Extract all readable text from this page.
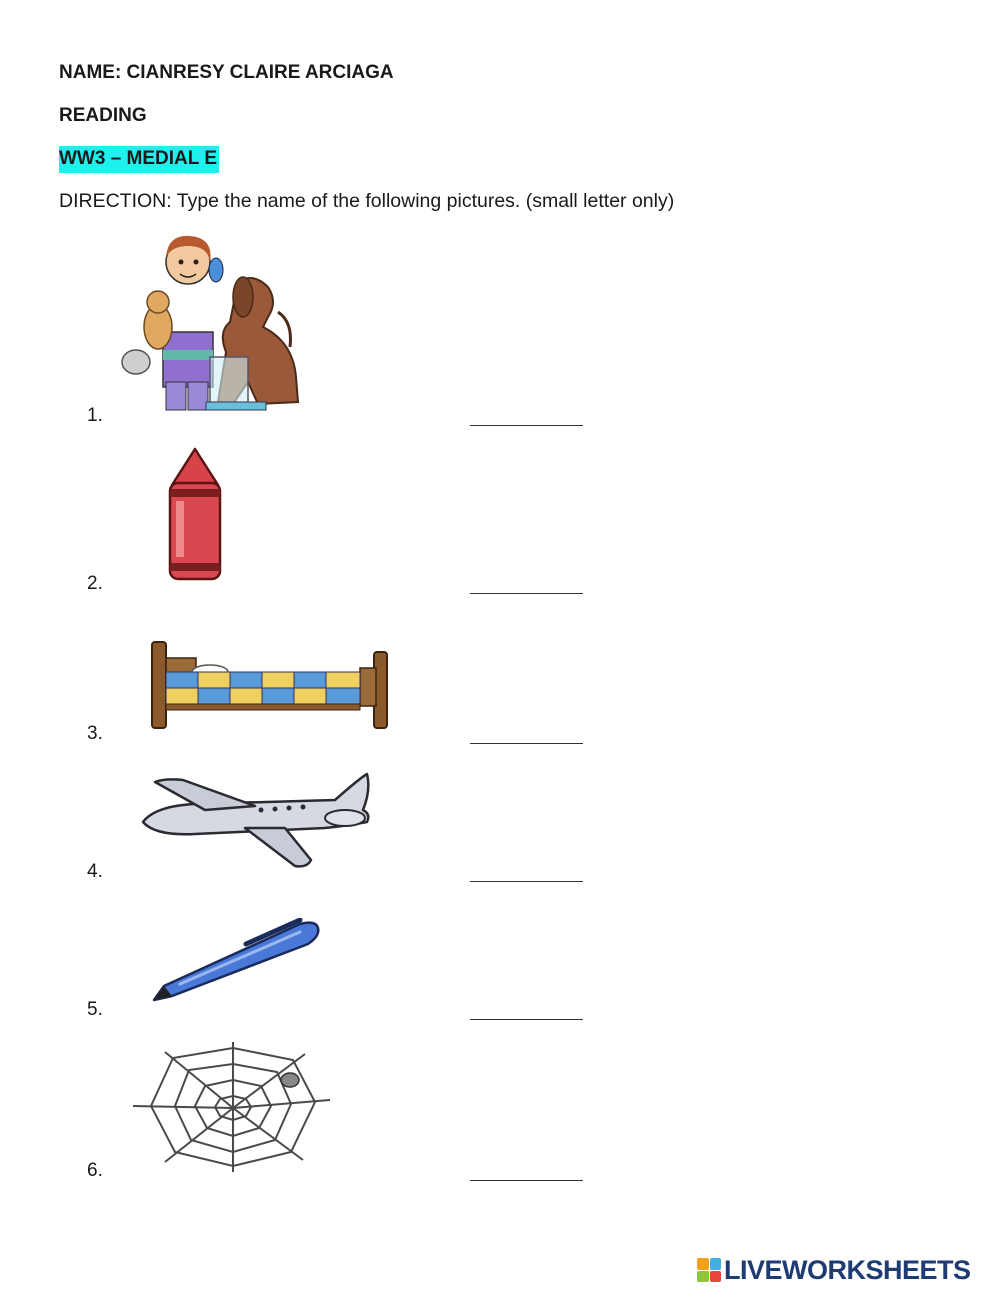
NAME: CIANRESY CLAIRE ARCIAGA
READING
WW3 – MEDIAL E
DIRECTION: Type the name of the following pictures. (small letter only)
1.
2.
3.
4.
5.
6.
LIVEWORKSHEETS
